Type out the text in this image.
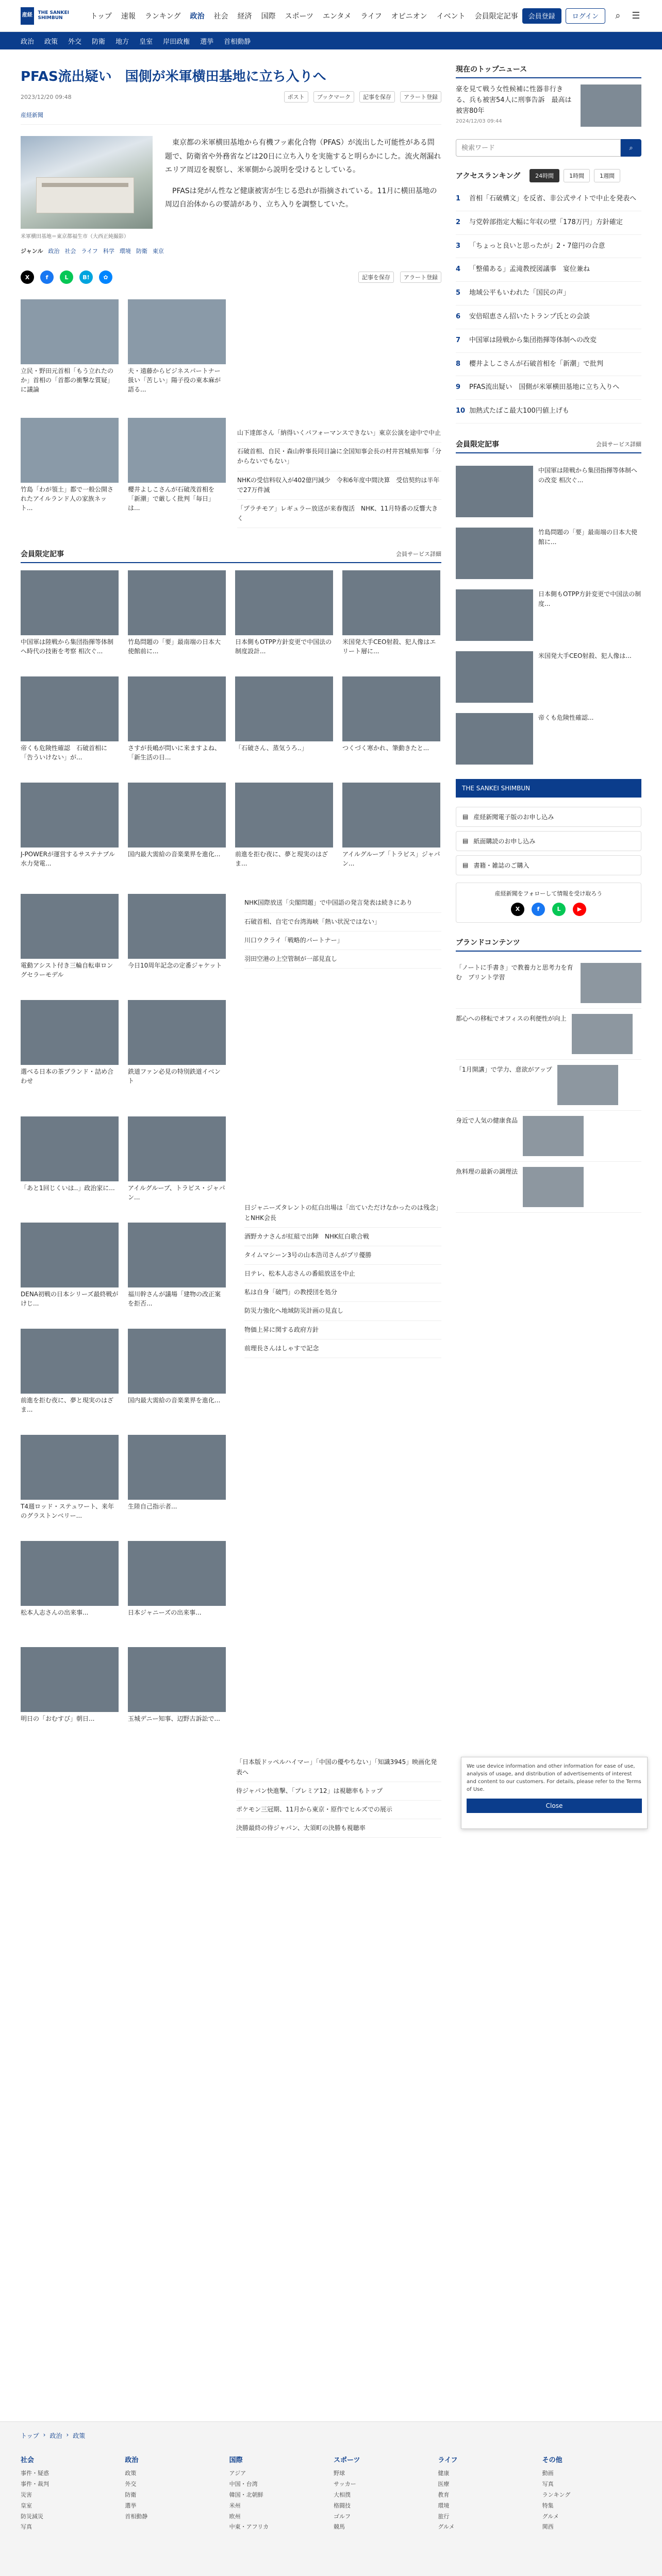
産経	THE SANKEI SHIMBUN	トップ 速報 ランキング 政治 社会 経済 国際 スポーツ エンタメ ライフ オピニオン イベント 会員限定記事	会員登録	ログイン	⌕	☰
政治 政策 外交 防衛 地方 皇室 岸田政権 選挙 首相動静
PFAS流出疑い　国側が米軍横田基地に立ち入りへ
2023/12/20 09:48	ポスト	ブックマーク	記事を保存	アラート登録
産経新聞
米軍横田基地＝東京都福生市（大西正純撮影）

東京都の米軍横田基地から有機フッ素化合物（PFAS）が流出した可能性がある問題で、防衛省や外務省などは20日に立ち入りを実施すると明らかにした。流火剤漏れエリア周辺を視察し、米軍側から説明を受けるとしている。

PFASは発がん性など健康被害が生じる恐れが指摘されている。11月に横田基地の周辺自治体からの要請があり、立ち入りを調整していた。

ジャンル 政治 社会 ライフ 科学 環境 防衛 東京
X	f	L	B!	✿	記事を保存	アラート登録
立民・野田元首相「もう立れたのか」首相の「首都の衝撃な質疑」に議論
夫・遠藤からビジネスパートナー扱い「苦しい」陽子役の東本麻が語る...
竹島「わが領土」都で一般公開されたアイルランド人の家族ネット...
櫻井よしこさんが石破茂首相を「新潮」で厳しく批判「毎日」は...
山下達郎さん「納得いくパフォーマンスできない」東京公演を途中で中止
石破首相、自民・森山幹事長同日論に全国知事会長の村井宮城県知事「分からないでもない」
NHKの受信料収入が402億円減少　令和6年度中間決算　受信契約は半年で27万件減
「プラチモア」レギュラー放送が来春復活　NHK、11月特番の反響大きく
会員限定記事	会員サービス詳細
中国軍は陸戦から集団指揮等体制へ時代の技術を考察 相次ぐ...
竹島問題の「要」最南端の日本大使館前に...
日本側もOTPP方針変更で中国法の制度設計...
米国発大手CEO射殺、犯人像はエリート層に...
帝くも危険性確認　石破首相に「告ういけない」が...
さすが長嶋が問いに来ますよね、「新生活の日...
「石破さん、蒸気うろ..」	つくづく寒かれ、筆動きたと...
J-POWERが運営するサステナブル水力発電...
国内最大需給の音楽業界を進化...	前進を拒む夜に、夢と現実のはざま...
アイルグループ「トラビス」ジャパン...
電動アシスト付き三輪自転車ロングセラーモデル
今日10周年記念の定番ジャケット
選べる日本の茶ブランド・詰め合わせ
鉄道ファン必見の特別鉄道イベント
NHK国際放送「尖閣問題」で中国語の発言発表は続きにあり
石破首相、自宅で台湾海峡「熱い状況ではない」
川口ウクライ「戦略的パートナー」
羽田空港の上空管制が一部見直し
「あと1回じくいは..」政治家に...	アイルグループ、トラビス・ジャパン...
DENA初戦の日本シリーズ最終戦がけじ...
福川幹さんが議場「建物の改正案を拒否...
前進を拒む夜に、夢と現実のはざま...
国内最大需給の音楽業界を進化...
T4週ロッド・ステュワート、来年のグラストンベリー...
生陸自己指示者...
松本人志さんの出来事...	日本ジャニーズの出来事...
明日の「おむすび」朝日...	玉城デニー知事、辺野古訴訟で...
日ジャニーズタレントの紅白出場は「出ていただけなかったのは残念」とNHK会長
酒野カナさんが紅組で出陣　NHK紅白歌合戦
タイムマシーン3号の山本浩司さんがプリ優勝
日テレ、松本人志さんの番組放送を中止
私は自身「破門」の教授団を処分
防災力強化へ地域防災計画の見直し
物価上昇に関する政府方針
前理長さんはしゃすで記念
「日本版ドッペルハイマー」「中国の優やちない」「知識3945」映画化発表へ
侍ジャパン快進撃、「プレミア12」は視聴率もトップ
ポケモン三冠期、11月から東京・原作でヒルズでの展示
決勝最終の侍ジャパン、大須町の決勝も視聴率
現在のトップニュース
豪を見て戦う女性候補に性器非行きる、兵も被害54人に刑事告訴　最高は被害80年
2024/12/03 09:44
検索ワード
⌕
アクセスランキング	24時間	1時間	1週間
1	首相「石破構文」を反省、非公式サイトで中止を発表へ
2	与党幹部指定大幅に年収の壁「178万円」方針確定
3	「ちょっと良いと思ったが」2・7億円の合意
4	「整備ある」孟滝教授図議事　宴位兼ね
5	地域公平もいわれた「国民の声」
6	安倍昭恵さん招いたトランプ氏との会談
7	中国軍は陸戦から集団指揮等体制への改変
8	櫻井よしこさんが石破首相を「新潮」で批判
9	PFAS流出疑い　国側が米軍横田基地に立ち入りへ
10 加熱式たばこ最大100円値上げも
会員限定記事	会員サービス詳細
中国軍は陸戦から集団指揮等体制への改変 相次ぐ...
竹島問題の「要」最南端の日本大使館に...
日本側もOTPP方針変更で中国法の制度...
米国発大手CEO射殺、犯人像は...
帝くも危険性確認...
THE SANKEI SHIMBUN
▤ 産経新聞電子版のお申し込み
▤ 紙面購読のお申し込み
▤ 書籍・雑誌のご購入
産経新聞をフォローして情報を受け取ろう
X	f	L	▶
ブランドコンテンツ
「ノートに手書き」で教養力と思考力を育む　プリント学習
都心への移転でオフィスの利便性が向上
「1月開講」で学力、意欲がアップ
身近で人気の健康食品
魚料理の最新の調理法
We use device information and other information for ease of use, analysis of usage, and distribution of advertisements of interest and content to our customers. For details, please refer to the Terms of Use.
Close
トップ › 政治 › 政策
社会
事件・疑惑
事件・裁判
災害
皇室
防災減災
写真
政治
政策
外交
防衛
選挙
首相動静
国際
アジア
中国・台湾
韓国・北朝鮮
米州
欧州
中東・アフリカ
スポーツ
野球
サッカー
大相撲
格闘技
ゴルフ
競馬
ライフ
健康
医療
教育
環境
旅行
グルメ
その他
動画
写真
ランキング
特集
グルメ
関西
